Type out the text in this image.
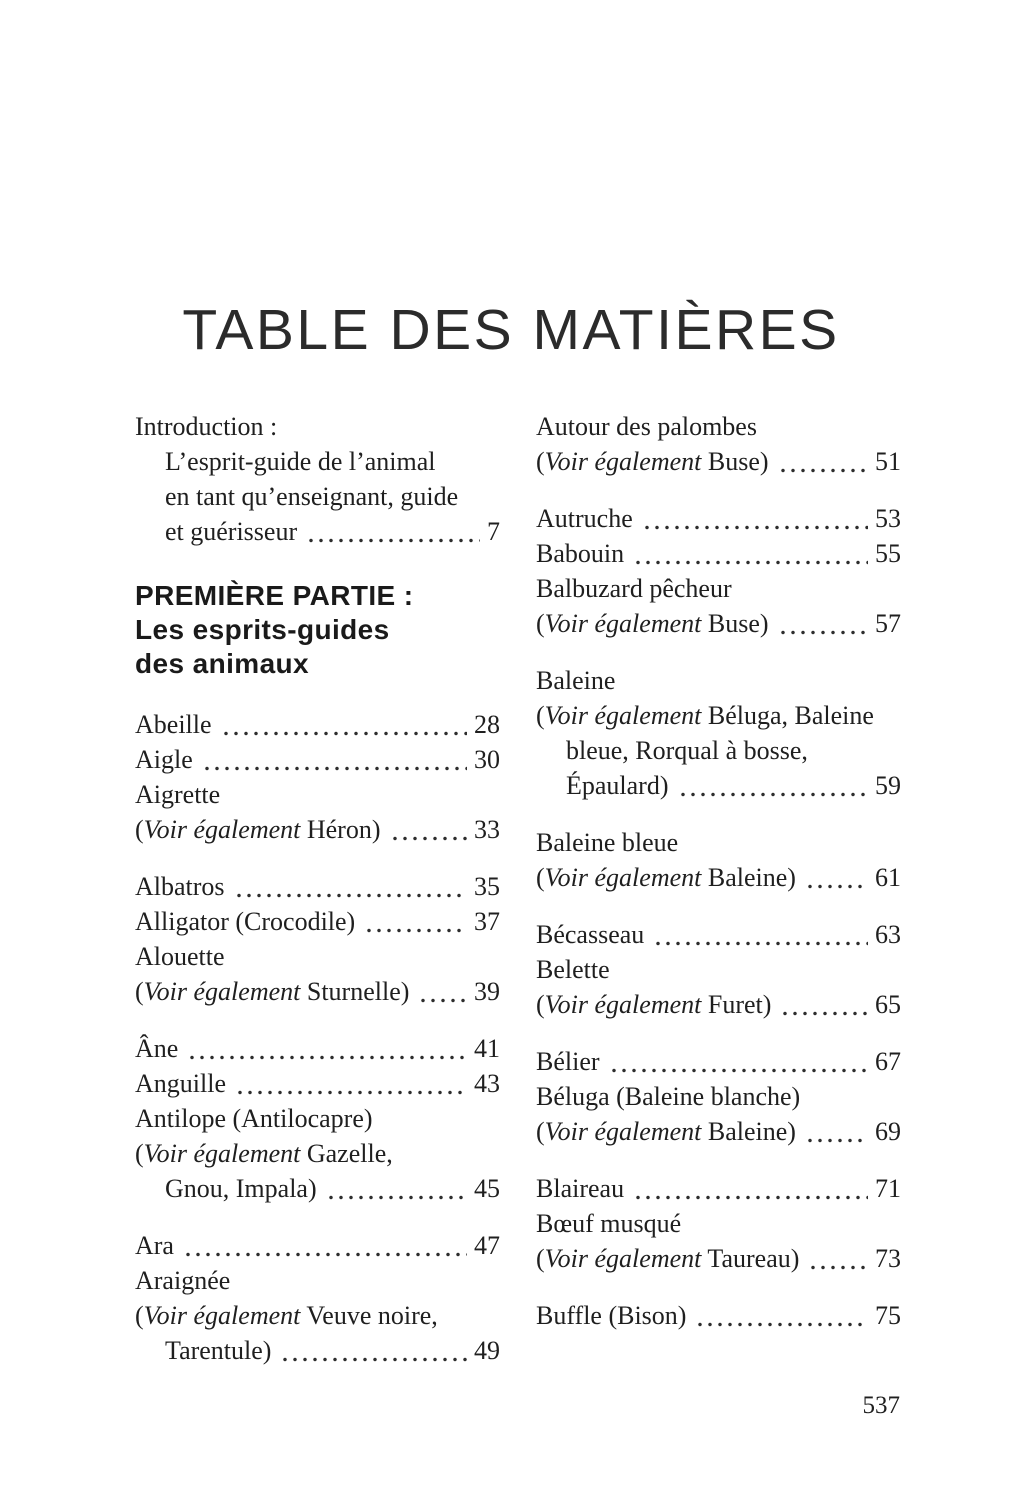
TABLE DES MATIÈRES
Introduction :
L’esprit-guide de l’animal
en tant qu’enseignant, guide
et guérisseur	7
PREMIÈRE PARTIE :
Les esprits-guides
des animaux
Abeille	28
Aigle	30
Aigrette
(Voir également Héron)	33
Albatros	35
Alligator (Crocodile)	37
Alouette
(Voir également Sturnelle) 39
Âne	41
Anguille	43
Antilope (Antilocapre)
(Voir également Gazelle,
Gnou, Impala)	45
Ara	47
Araignée
(Voir également Veuve noire,
Tarentule)	49
Autour des palombes
(Voir également Buse)	51
Autruche	53
Babouin	55
Balbuzard pêcheur
(Voir également Buse)	57
Baleine
(Voir également Béluga, Baleine
bleue, Rorqual à bosse,
Épaulard)	59
Baleine bleue
(Voir également Baleine)	61
Bécasseau	63
Belette
(Voir également Furet)	65
Bélier	67
Béluga (Baleine blanche)
(Voir également Baleine)	69
Blaireau	71
Bœuf musqué
(Voir également Taureau)	73
Buffle (Bison)	75
537
